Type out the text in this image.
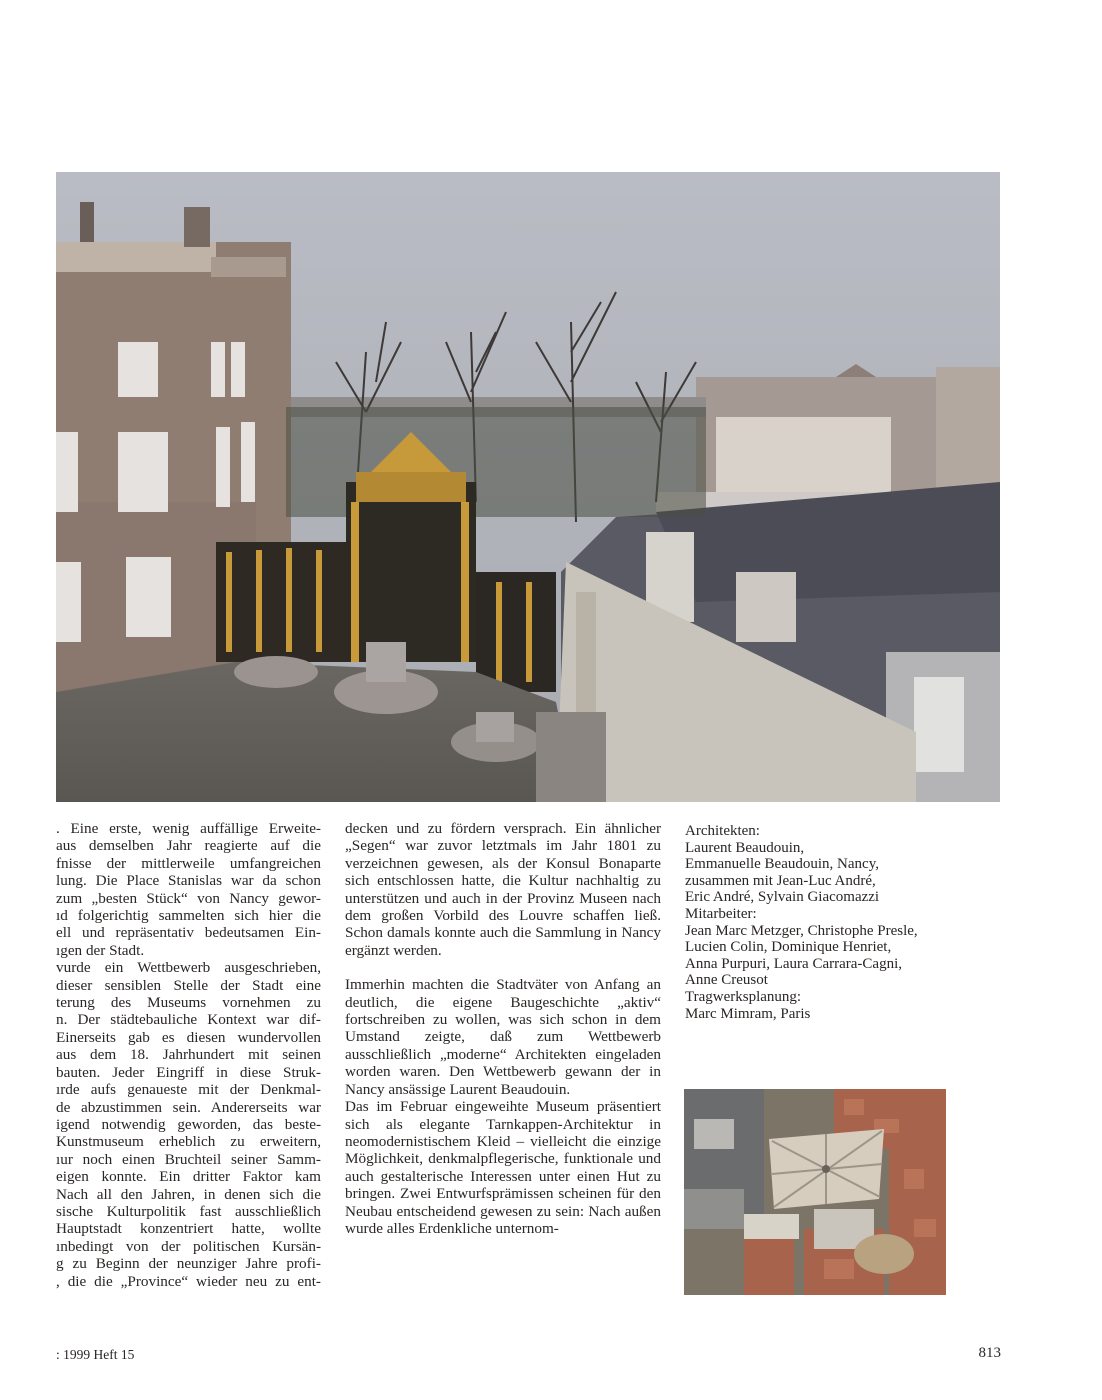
. Eine erste, wenig auffällige Erweite-
aus demselben Jahr reagierte auf die
fnisse der mittlerweile umfangreichen
lung. Die Place Stanislas war da schon
zum „besten Stück“ von Nancy gewor-
ıd folgerichtig sammelten sich hier die
ell und repräsentativ bedeutsamen Ein-
ıgen der Stadt.
vurde ein Wettbewerb ausgeschrieben,
dieser sensiblen Stelle der Stadt eine
terung des Museums vornehmen zu
n. Der städtebauliche Kontext war dif-
Einerseits gab es diesen wundervollen
aus dem 18. Jahrhundert mit seinen
bauten. Jeder Eingriff in diese Struk-
ırde aufs genaueste mit der Denkmal-
de abzustimmen sein. Andererseits war
igend notwendig geworden, das beste-
Kunstmuseum erheblich zu erweitern,
ıur noch einen Bruchteil seiner Samm-
eigen konnte. Ein dritter Faktor kam
Nach all den Jahren, in denen sich die
sische Kulturpolitik fast ausschließlich
Hauptstadt konzentriert hatte, wollte
ınbedingt von der politischen Kursän-
g zu Beginn der neunziger Jahre profi-
, die die „Province“ wieder neu zu ent-

decken und zu fördern versprach. Ein ähnlicher „Segen“ war zuvor letztmals im Jahr 1801 zu verzeichnen gewesen, als der Konsul Bonaparte sich entschlossen hatte, die Kultur nachhaltig zu unterstützen und auch in der Provinz Museen nach dem großen Vorbild des Louvre schaffen ließ. Schon damals konnte auch die Sammlung in Nancy ergänzt werden.

Immerhin machten die Stadtväter von Anfang an deutlich, die eigene Baugeschichte „aktiv“ fortschreiben zu wollen, was sich schon in dem Umstand zeigte, daß zum Wettbewerb ausschließlich „moderne“ Architekten eingeladen worden waren. Den Wettbewerb gewann der in Nancy ansässige Laurent Beaudouin.

Das im Februar eingeweihte Museum präsentiert sich als elegante Tarnkappen-Architektur in neomodernistischem Kleid – vielleicht die einzige Möglichkeit, denkmalpflegerische, funktionale und auch gestalterische Interessen unter einen Hut zu bringen. Zwei Entwurfsprämissen scheinen für den Neubau entscheidend gewesen zu sein: Nach außen wurde alles Erdenkliche unternom-

Architekten:
Laurent Beaudouin,
Emmanuelle Beaudouin, Nancy,
zusammen mit Jean-Luc André,
Eric André, Sylvain Giacomazzi
Mitarbeiter:
Jean Marc Metzger, Christophe Presle,
Lucien Colin, Dominique Henriet,
Anna Purpuri, Laura Carrara-Cagni,
Anne Creusot
Tragwerksplanung:
Marc Mimram, Paris
: 1999 Heft 15	813
